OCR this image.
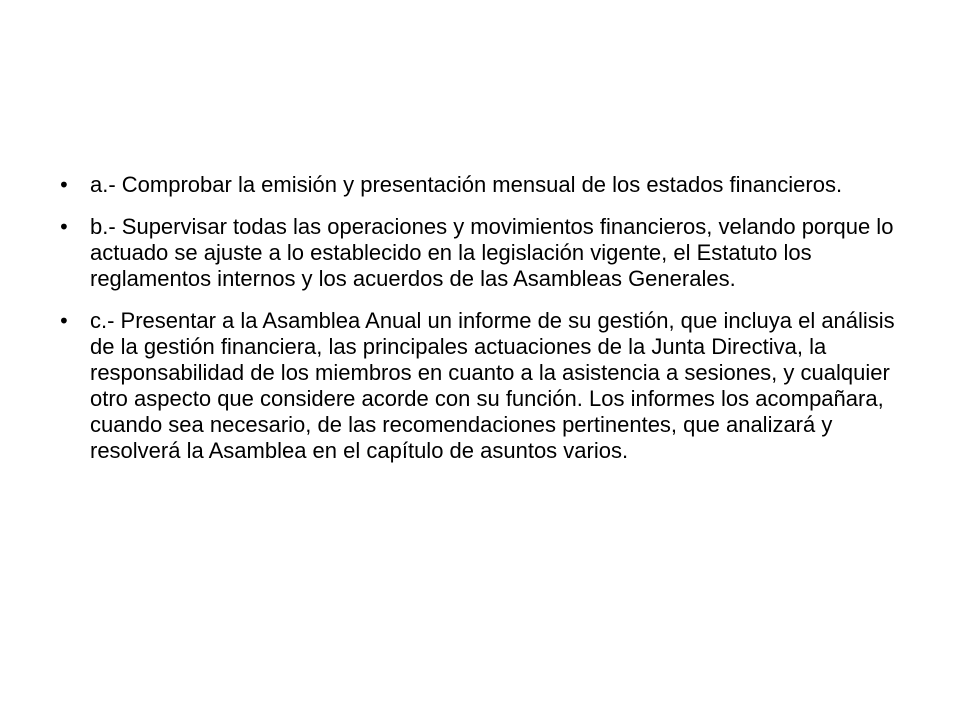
• a.- Comprobar la emisión y presentación mensual de los estados financieros.
• b.- Supervisar todas las operaciones y movimientos financieros, velando porque lo actuado se ajuste a lo establecido en la legislación vigente, el Estatuto los reglamentos internos y los acuerdos de las Asambleas Generales.
• c.- Presentar a la Asamblea Anual un informe de su gestión, que incluya el análisis de la gestión financiera, las principales actuaciones de la Junta Directiva, la responsabilidad de los miembros en cuanto a la asistencia a sesiones, y cualquier otro aspecto que considere acorde con su función. Los informes los acompañara, cuando sea necesario, de las recomendaciones pertinentes, que analizará y resolverá la Asamblea en el capítulo de asuntos varios.
